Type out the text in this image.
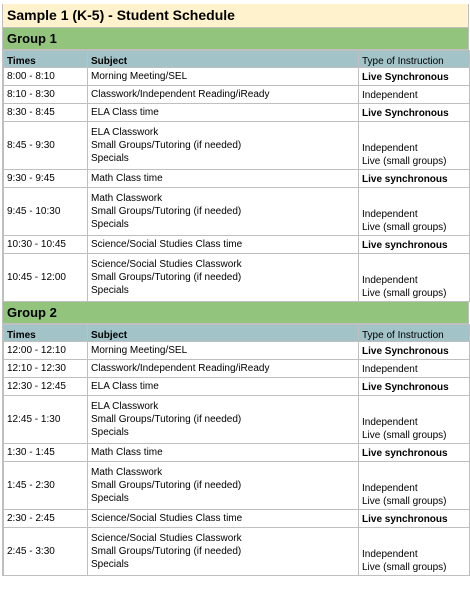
Sample 1 (K-5) - Student Schedule
Group 1
Times	Subject	Type of Instruction
8:00 - 8:10	Morning Meeting/SEL	Live Synchronous

8:10 - 8:30	Classwork/Independent Reading/iReady	Independent

8:30 - 8:45	ELA Class time	Live Synchronous

8:45 - 9:30	ELA Classwork
Small Groups/Tutoring (if needed)
Specials	Independent
Live (small groups)

9:30 - 9:45	Math Class time	Live synchronous

9:45 - 10:30	Math Classwork
Small Groups/Tutoring (if needed)
Specials	Independent
Live (small groups)

10:30 - 10:45	Science/Social Studies Class time	Live synchronous

10:45 - 12:00	Science/Social Studies Classwork
Small Groups/Tutoring (if needed)
Specials	Independent
Live (small groups)
Group 2
Times	Subject	Type of Instruction
12:00 - 12:10	Morning Meeting/SEL	Live Synchronous

12:10 - 12:30	Classwork/Independent Reading/iReady	Independent

12:30 - 12:45	ELA Class time	Live Synchronous

12:45 - 1:30	ELA Classwork
Small Groups/Tutoring (if needed)
Specials	Independent
Live (small groups)

1:30 - 1:45	Math Class time	Live synchronous

1:45 - 2:30	Math Classwork
Small Groups/Tutoring (if needed)
Specials	Independent
Live (small groups)

2:30 - 2:45	Science/Social Studies Class time	Live synchronous

2:45 - 3:30	Science/Social Studies Classwork
Small Groups/Tutoring (if needed)
Specials	Independent
Live (small groups)
